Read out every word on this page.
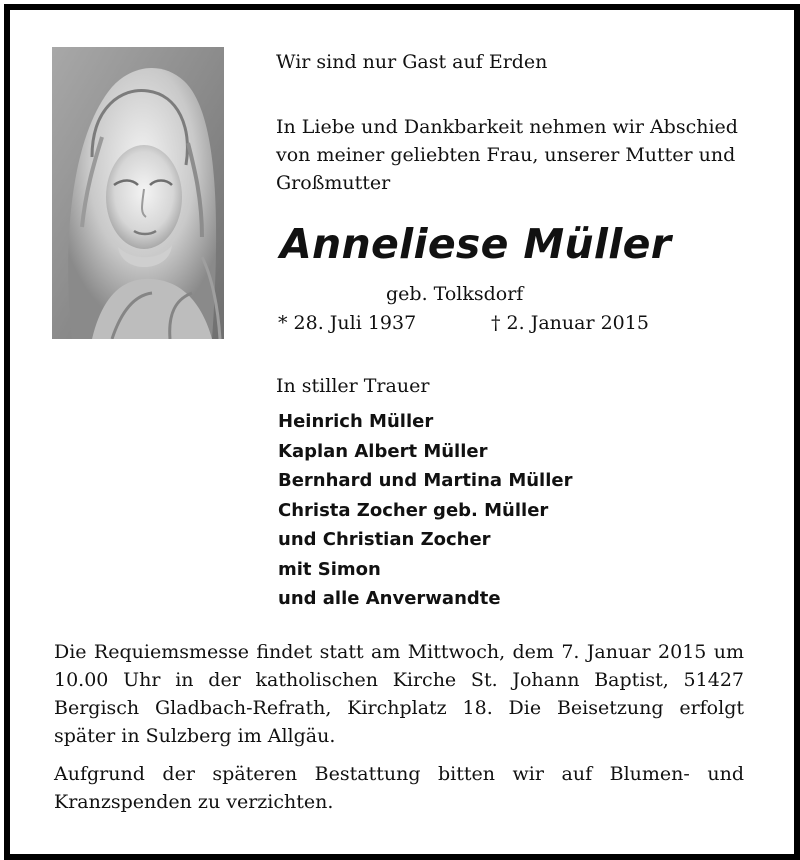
Wir sind nur Gast auf Erden
In Liebe und Dankbarkeit nehmen wir Abschied
von meiner geliebten Frau, unserer Mutter und
Großmutter
Anneliese Müller
geb. Tolksdorf
* 28. Juli 1937	† 2. Januar 2015
In stiller Trauer
Heinrich Müller
Kaplan Albert Müller
Bernhard und Martina Müller
Christa Zocher geb. Müller
und Christian Zocher
mit Simon
und alle Anverwandte
Die Requiemsmesse findet statt am Mittwoch, dem 7. Januar 2015 um 10.00 Uhr in der katholischen Kirche St. Johann Baptist, 51427 Bergisch Gladbach-Refrath, Kirchplatz 18. Die Beisetzung erfolgt später in Sulzberg im Allgäu.
Aufgrund der späteren Bestattung bitten wir auf Blumen- und Kranzspenden zu verzichten.
